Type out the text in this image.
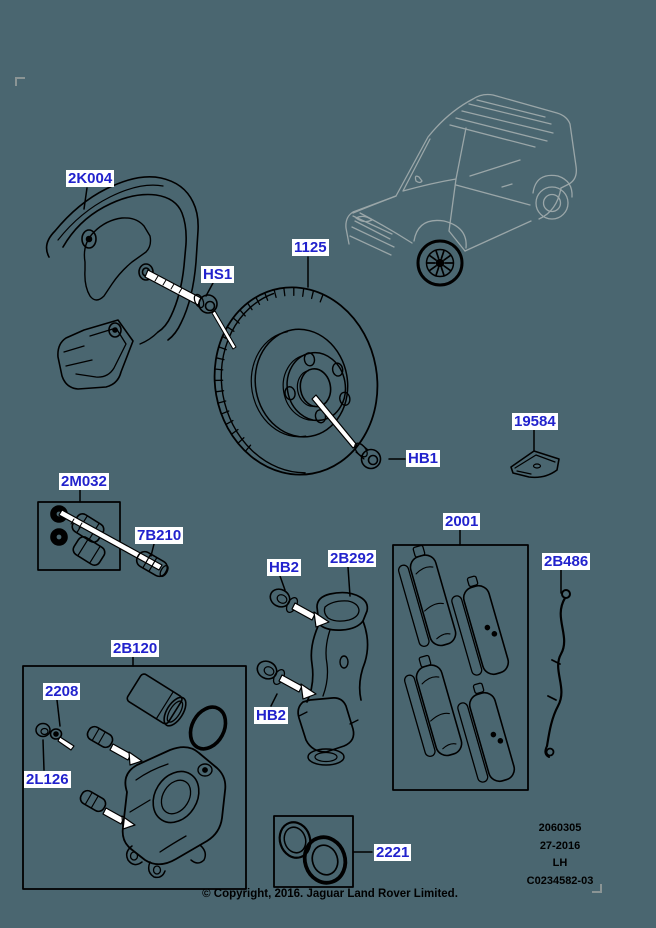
2K004
HS1
1125
HB1
19584
2M032
7B210
HB2
2B292
HB2
2001
2B486
2B120
2208
2L126
2221
2060305
27-2016
LH
C0234582-03
© Copyright, 2016. Jaguar Land Rover Limited.
